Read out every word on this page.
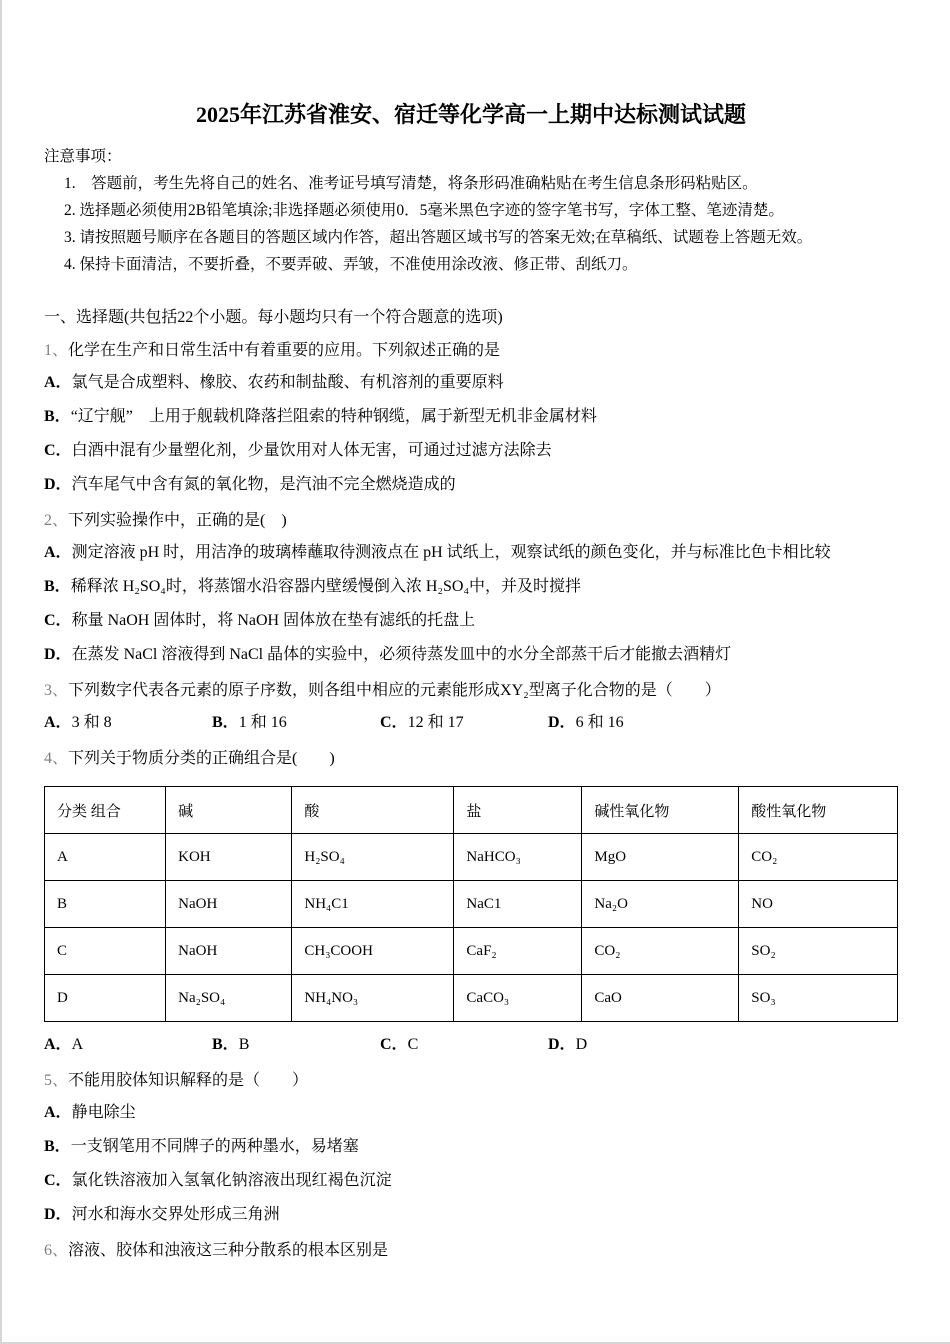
2025年江苏省淮安、宿迁等化学高一上期中达标测试试题
注意事项：
1.　答题前，考生先将自己的姓名、准考证号填写清楚，将条形码准确粘贴在考生信息条形码粘贴区。
2. 选择题必须使用2B铅笔填涂;非选择题必须使用0．5毫米黑色字迹的签字笔书写，字体工整、笔迹清楚。
3. 请按照题号顺序在各题目的答题区域内作答，超出答题区域书写的答案无效;在草稿纸、试题卷上答题无效。
4. 保持卡面清洁，不要折叠，不要弄破、弄皱，不准使用涂改液、修正带、刮纸刀。
一、选择题(共包括22个小题。每小题均只有一个符合题意的选项)
1、化学在生产和日常生活中有着重要的应用。下列叙述正确的是
A．氯气是合成塑料、橡胶、农药和制盐酸、有机溶剂的重要原料
B．“辽宁舰”　上用于舰载机降落拦阻索的特种钢缆，属于新型无机非金属材料
C．白酒中混有少量塑化剂，少量饮用对人体无害，可通过过滤方法除去
D．汽车尾气中含有氮的氧化物，是汽油不完全燃烧造成的
2、下列实验操作中，正确的是(　)
A．测定溶液 pH 时，用洁净的玻璃棒蘸取待测液点在 pH 试纸上，观察试纸的颜色变化，并与标准比色卡相比较
B．稀释浓 H₂SO₄时，将蒸馏水沿容器内壁缓慢倒入浓 H₂SO₄中，并及时搅拌
C．称量 NaOH 固体时，将 NaOH 固体放在垫有滤纸的托盘上
D．在蒸发 NaCl 溶液得到 NaCl 晶体的实验中，必须待蒸发皿中的水分全部蒸干后才能撤去酒精灯
3、下列数字代表各元素的原子序数，则各组中相应的元素能形成XY₂型离子化合物的是（　　）
A．3 和 8	B．1 和 16	C．12 和 17	D．6 和 16
4、下列关于物质分类的正确组合是(　　)
分类 组合	碱	酸	盐	碱性氧化物	酸性氧化物
A	KOH	H₂SO₄	NaHCO₃	MgO	CO₂
B	NaOH	NH₄C1	NaC1	Na₂O	NO
C	NaOH	CH₃COOH	CaF₂	CO₂	SO₂
D	Na₂SO₄	NH₄NO₃	CaCO₃	CaO	SO₃
A．A	B．B	C．C	D．D
5、不能用胶体知识解释的是（　　）
A．静电除尘
B．一支钢笔用不同牌子的两种墨水，易堵塞
C．氯化铁溶液加入氢氧化钠溶液出现红褐色沉淀
D．河水和海水交界处形成三角洲
6、溶液、胶体和浊液这三种分散系的根本区别是
